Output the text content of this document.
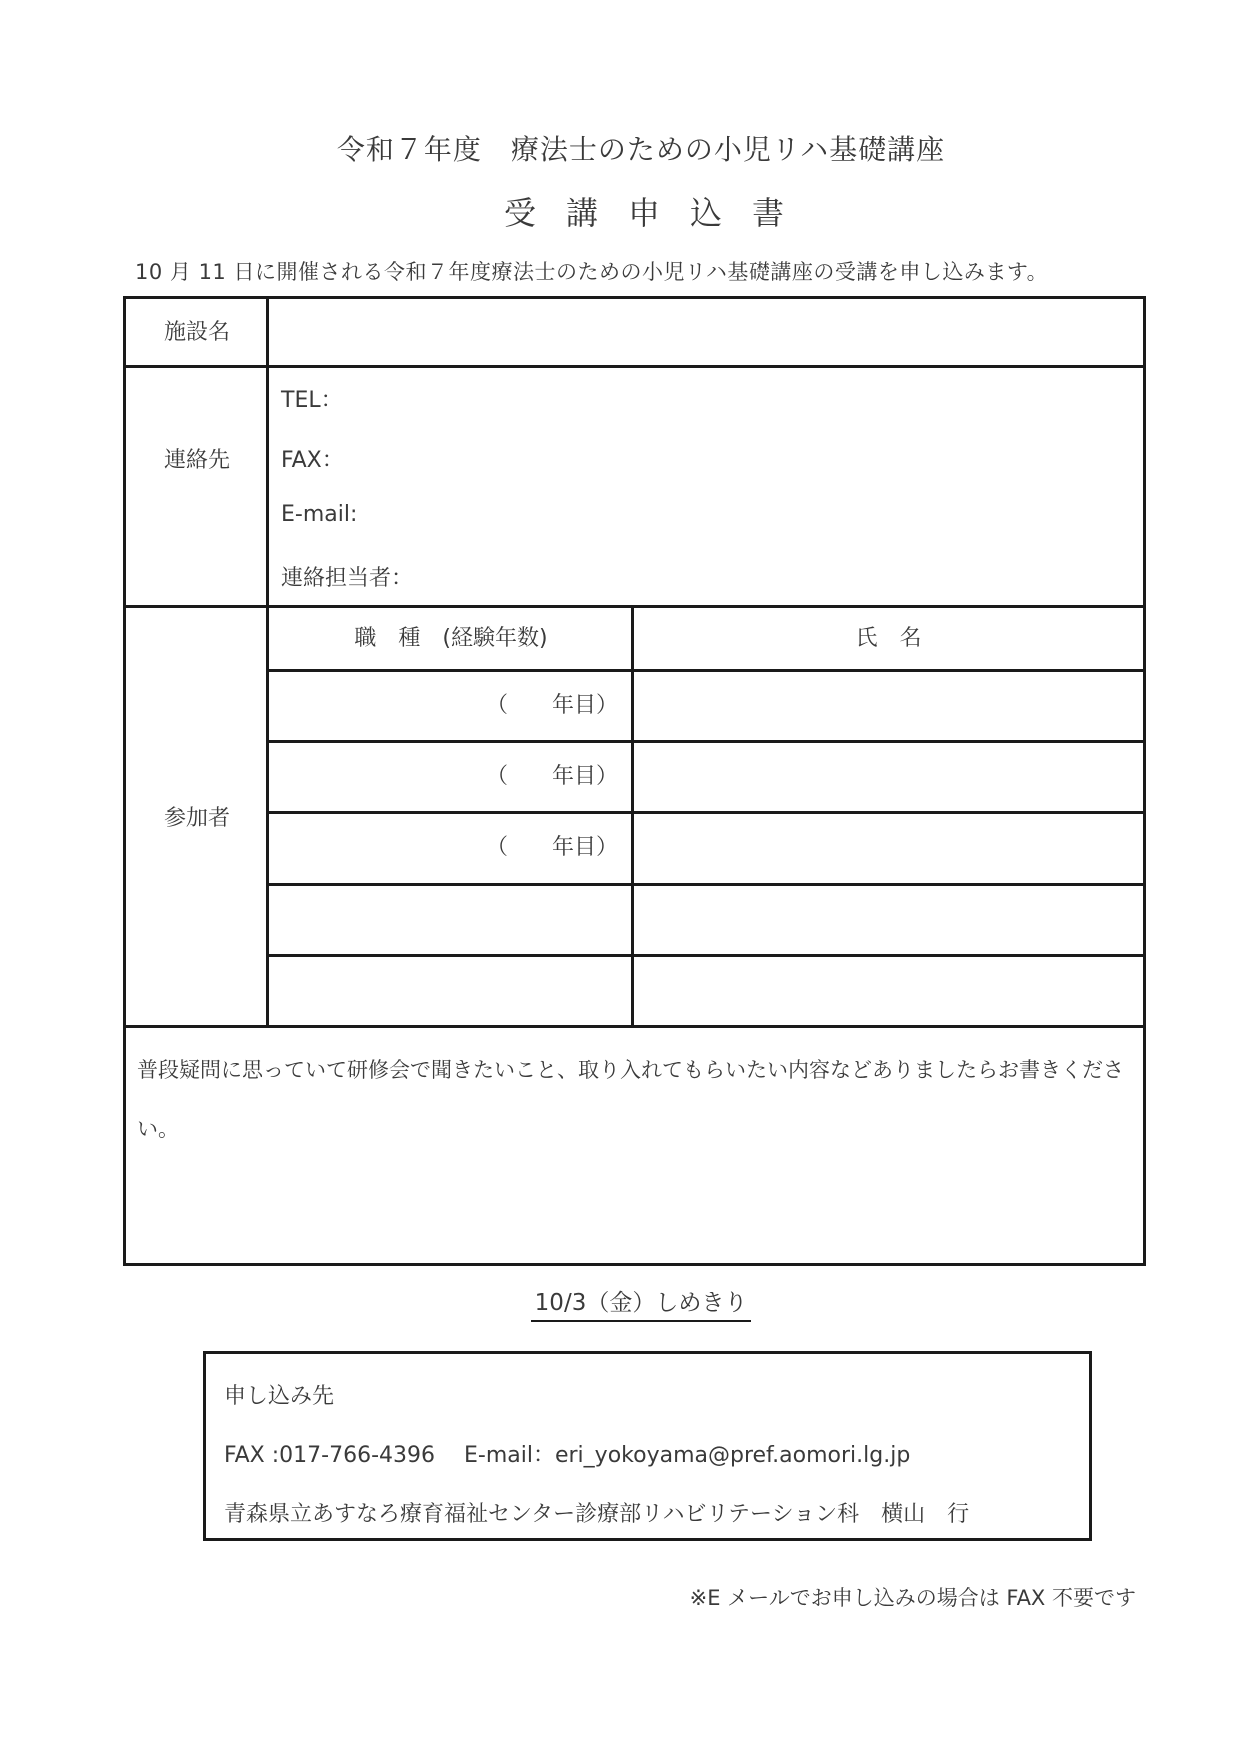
令和７年度　療法士のための小児リハ基礎講座
受講申込書
10 月 11 日に開催される令和７年度療法士のための小児リハ基礎講座の受講を申し込みます。
施設名
連絡先
TEL：
FAX：
E-mail:
連絡担当者：
参加者
職　種　(経験年数)	氏　名
（　　年目）
（　　年目）
（　　年目）
普段疑問に思っていて研修会で聞きたいこと、取り入れてもらいたい内容などありましたらお書きください。
10/3（金）しめきり
申し込み先
FAX :017-766-4396　 E-mail：eri_yokoyama@pref.aomori.lg.jp
青森県立あすなろ療育福祉センター診療部リハビリテーション科　横山　行
※E メールでお申し込みの場合は FAX 不要です
